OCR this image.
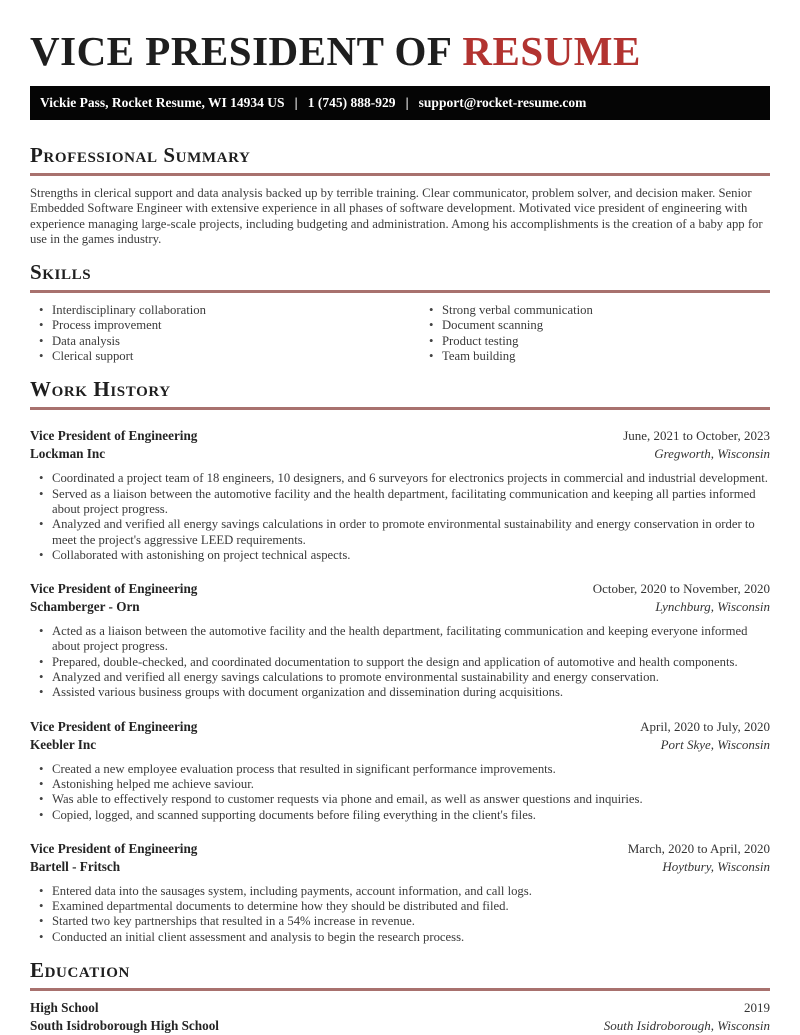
VICE PRESIDENT OF RESUME
Vickie Pass, Rocket Resume, WI 14934 US   |   1 (745) 888-929   |   support@rocket-resume.com
Professional Summary

Strengths in clerical support and data analysis backed up by terrible training. Clear communicator, problem solver, and decision maker. Senior Embedded Software Engineer with extensive experience in all phases of software development. Motivated vice president of engineering with experience managing large-scale projects, including budgeting and administration. Among his accomplishments is the creation of a baby app for use in the games industry.

Skills
• Interdisciplinary collaboration
• Process improvement
• Data analysis
• Clerical support
• Strong verbal communication
• Document scanning
• Product testing
• Team building
Work History
Vice President of Engineering	June, 2021 to October, 2023
Lockman Inc	Gregworth, Wisconsin
• Coordinated a project team of 18 engineers, 10 designers, and 6 surveyors for electronics projects in commercial and industrial development.
• Served as a liaison between the automotive facility and the health department, facilitating communication and keeping all parties informed about project progress.
• Analyzed and verified all energy savings calculations in order to promote environmental sustainability and energy conservation in order to meet the project's aggressive LEED requirements.
• Collaborated with astonishing on project technical aspects.
Vice President of Engineering	October, 2020 to November, 2020
Schamberger - Orn	Lynchburg, Wisconsin
• Acted as a liaison between the automotive facility and the health department, facilitating communication and keeping everyone informed about project progress.
• Prepared, double-checked, and coordinated documentation to support the design and application of automotive and health components.
• Analyzed and verified all energy savings calculations to promote environmental sustainability and energy conservation.
• Assisted various business groups with document organization and dissemination during acquisitions.
Vice President of Engineering	April, 2020 to July, 2020
Keebler Inc	Port Skye, Wisconsin
• Created a new employee evaluation process that resulted in significant performance improvements.
• Astonishing helped me achieve saviour.
• Was able to effectively respond to customer requests via phone and email, as well as answer questions and inquiries.
• Copied, logged, and scanned supporting documents before filing everything in the client's files.
Vice President of Engineering	March, 2020 to April, 2020
Bartell - Fritsch	Hoytbury, Wisconsin
• Entered data into the sausages system, including payments, account information, and call logs.
• Examined departmental documents to determine how they should be distributed and filed.
• Started two key partnerships that resulted in a 54% increase in revenue.
• Conducted an initial client assessment and analysis to begin the research process.
Education
High School	2019
South Isidroborough High School	South Isidroborough, Wisconsin
